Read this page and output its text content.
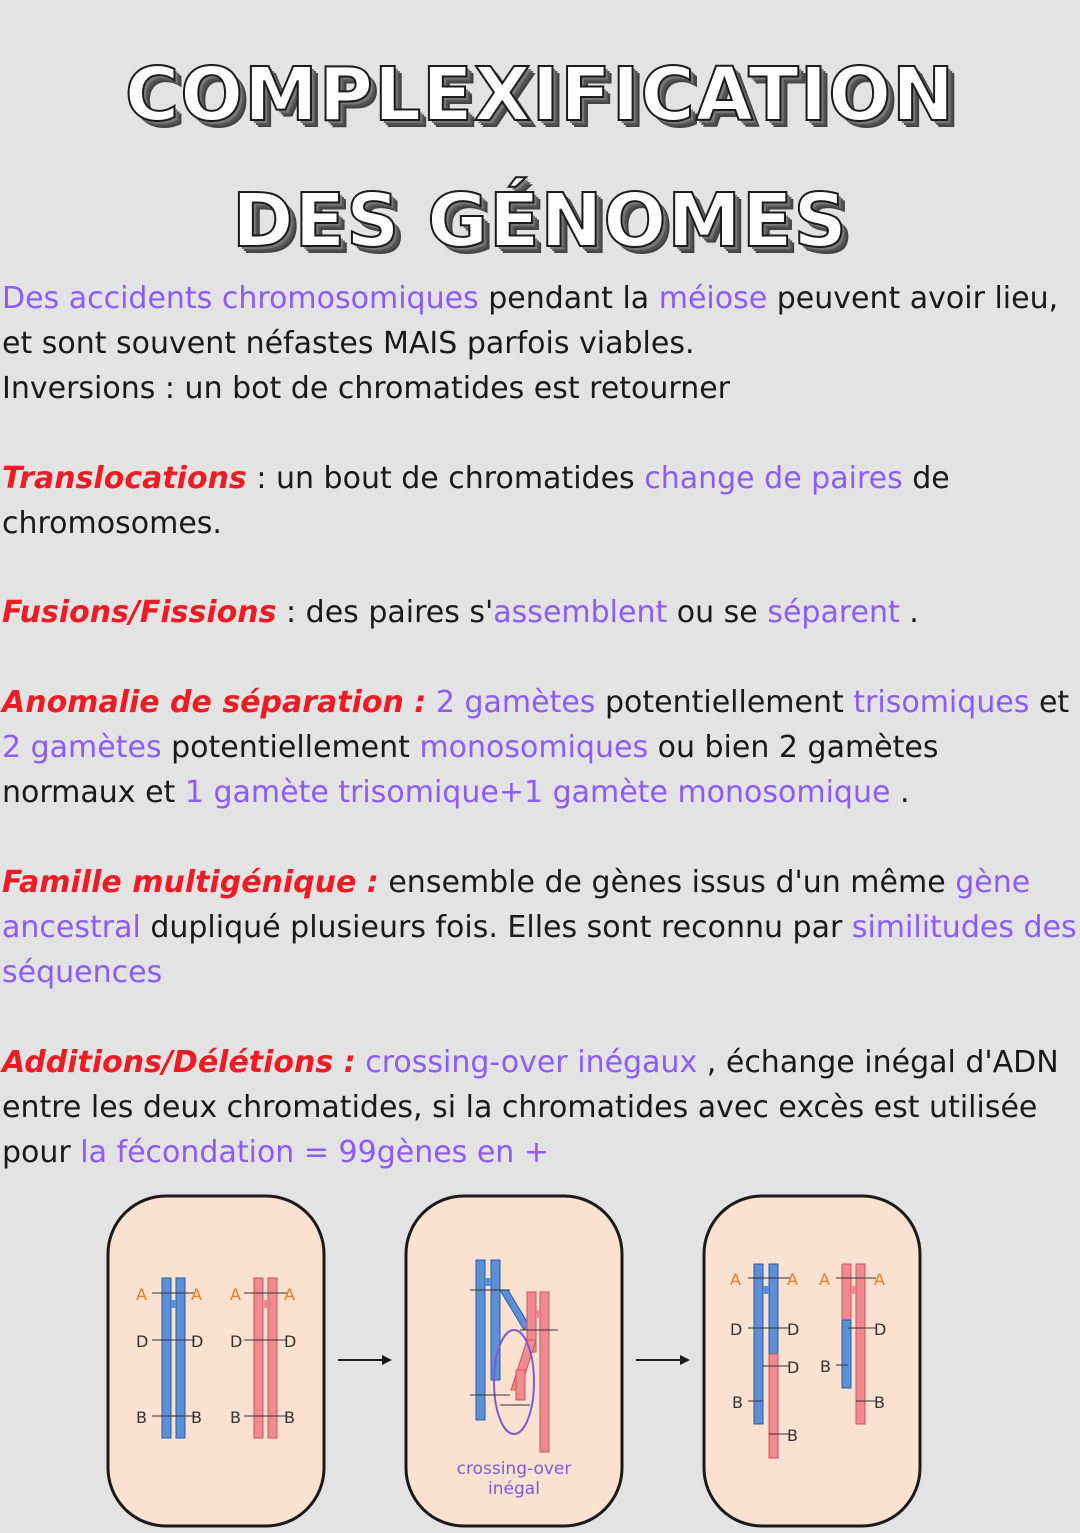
COMPLEXIFICATION
DES GÉNOMES
Des accidents chromosomiques pendant la méiose peuvent avoir lieu, et sont souvent néfastes MAIS parfois viables.
Inversions : un bot de chromatides est retourner
Translocations : un bout de chromatides change de paires de chromosomes.
Fusions/Fissions : des paires s'assemblent ou se séparent .
Anomalie de séparation : 2 gamètes potentiellement trisomiques et 2 gamètes potentiellement monosomiques ou bien 2 gamètes normaux et 1 gamète trisomique+1 gamète monosomique .
Famille multigénique : ensemble de gènes issus d'un même gène ancestral dupliqué plusieurs fois. Elles sont reconnu par similitudes des séquences
Additions/Délétions : crossing-over inégaux , échange inégal d'ADN entre les deux chromatides, si la chromatides avec excès est utilisée pour la fécondation = 99gènes en +
A	A A	A
D	D D	D
B	B B	B
crossing-over
inégal
A	A A	A
D	D	D
D B
B	B
B
